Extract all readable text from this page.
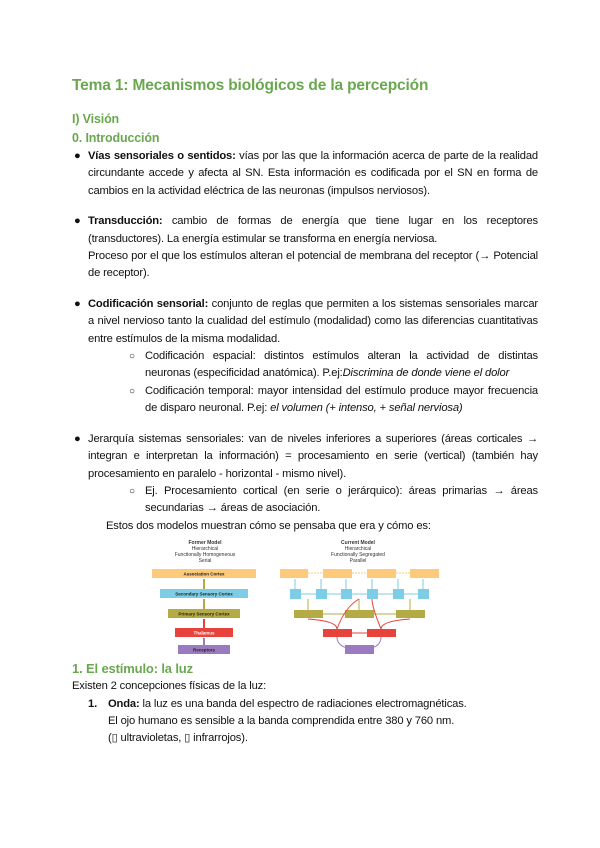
Tema 1: Mecanismos biológicos de la percepción
I) Visión
0. Introducción
● Vías sensoriales o sentidos: vías por las que la información acerca de parte de la realidad circundante accede y afecta al SN. Esta información es codificada por el SN en forma de cambios en la actividad eléctrica de las neuronas (impulsos nerviosos).
● Transducción: cambio de formas de energía que tiene lugar en los receptores (transductores). La energía estimular se transforma en energía nerviosa.
Proceso por el que los estímulos alteran el potencial de membrana del receptor (→ Potencial de receptor).
● Codificación sensorial: conjunto de reglas que permiten a los sistemas sensoriales marcar a nivel nervioso tanto la cualidad del estímulo (modalidad) como las diferencias cuantitativas entre estímulos de la misma modalidad.
○ Codificación espacial: distintos estímulos alteran la actividad de distintas neuronas (especificidad anatómica). P.ej:Discrimina de donde viene el dolor
○ Codificación temporal: mayor intensidad del estímulo produce mayor frecuencia de disparo neuronal. P.ej: el volumen (+ intenso, + señal nerviosa)
● Jerarquía sistemas sensoriales: van de niveles inferiores a superiores (áreas corticales → integran e interpretan la información) = procesamiento en serie (vertical) (también hay procesamiento en paralelo - horizontal - mismo nivel).
○ Ej. Procesamiento cortical (en serie o jerárquico): áreas primarias → áreas secundarias → áreas de asociación.
Estos dos modelos muestran cómo se pensaba que era y cómo es:
Former Model
Hierarchical
Functionally Homogeneous
Serial
Current Model
Hierarchical
Functionally Segregated
Parallel
Association Cortex
Secondary Sensory Cortex
Primary Sensory Cortex
Thalamus
Receptors
1. El estímulo: la luz
Existen 2 concepciones físicas de la luz:
1. Onda: la luz es una banda del espectro de radiaciones electromagnéticas.
El ojo humano es sensible a la banda comprendida entre 380 y 760 nm.
(▯ ultravioletas, ▯ infrarrojos).
